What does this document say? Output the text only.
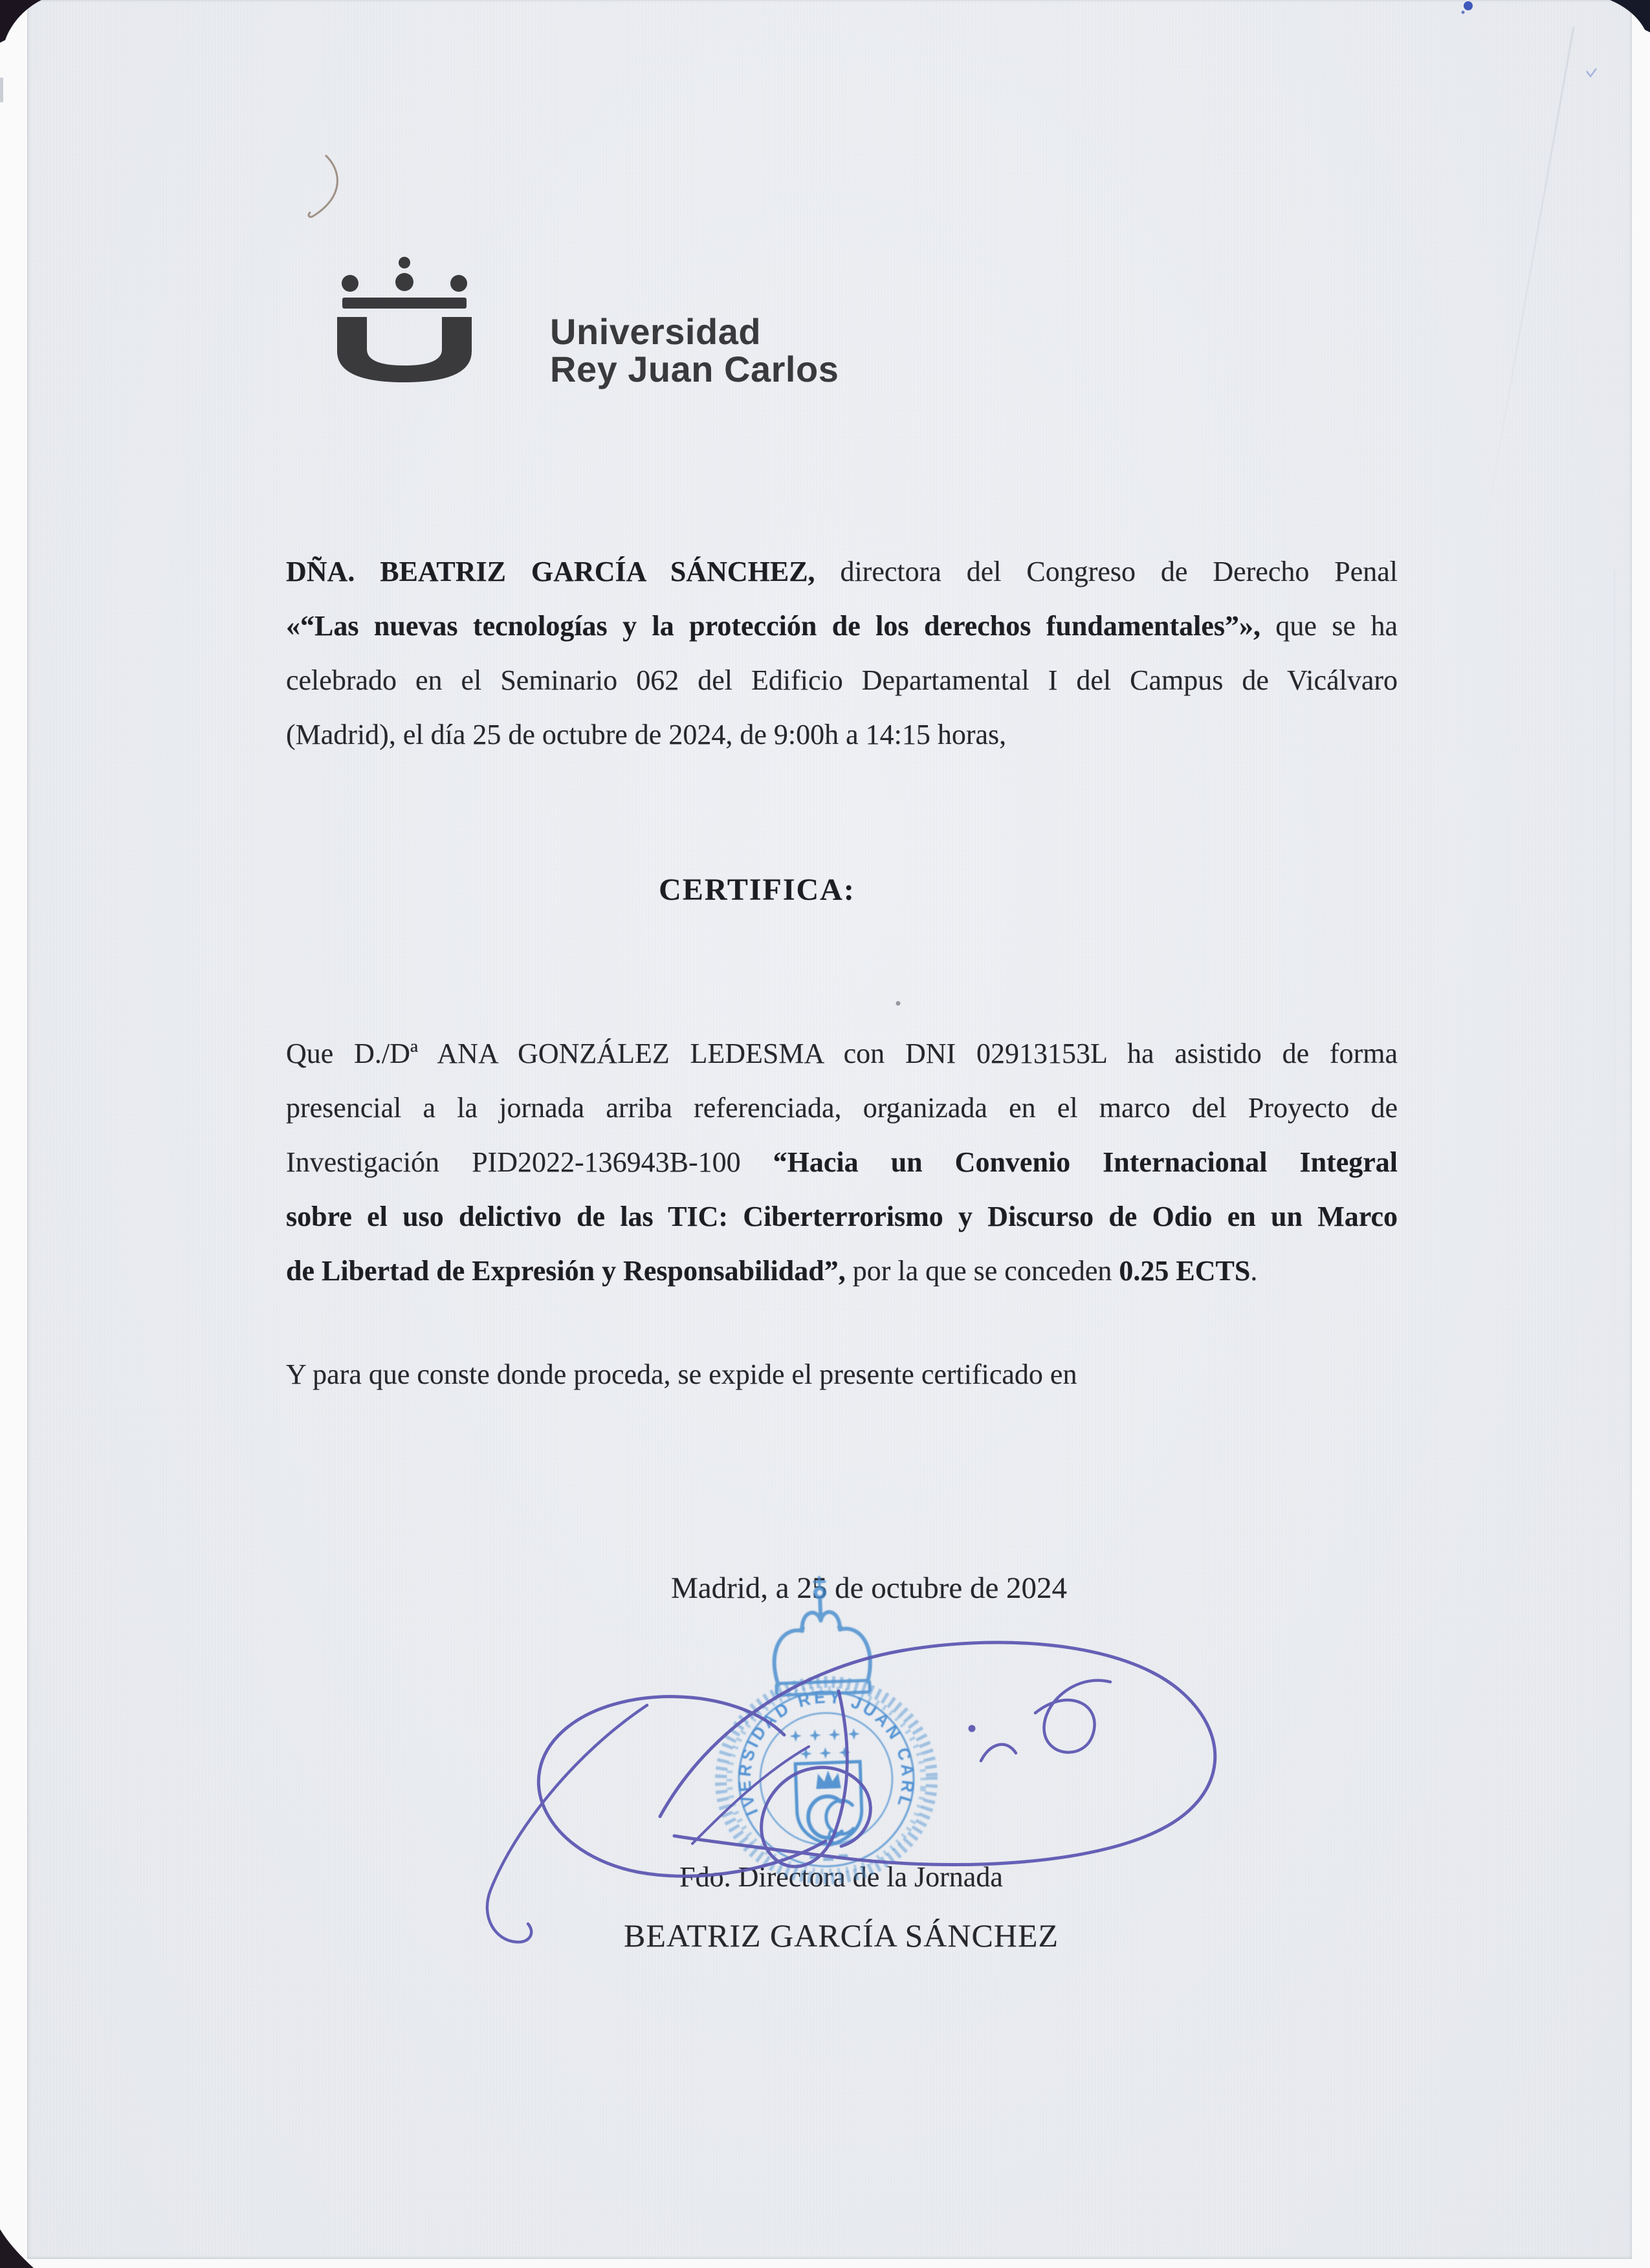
Universidad
Rey Juan Carlos
DÑA. BEATRIZ GARCÍA SÁNCHEZ, directora del Congreso de Derecho Penal
«“Las nuevas tecnologías y la protección de los derechos fundamentales”», que se ha
celebrado en el Seminario 062 del Edificio Departamental I del Campus de Vicálvaro
(Madrid), el día 25 de octubre de 2024, de 9:00h a 14:15 horas,
CERTIFICA:
Que D./Dª ANA GONZÁLEZ LEDESMA con DNI 02913153L ha asistido de forma
presencial a la jornada arriba referenciada, organizada en el marco del Proyecto de
Investigación PID2022-136943B-100 “Hacia un Convenio Internacional Integral
sobre el uso delictivo de las TIC: Ciberterrorismo y Discurso de Odio en un Marco
de Libertad de Expresión y Responsabilidad”, por la que se conceden 0.25 ECTS.
Y para que conste donde proceda, se expide el presente certificado en
Madrid, a 25 de octubre de 2024
Fdo. Directora de la Jornada
BEATRIZ GARCÍA SÁNCHEZ
UNIVERSIDAD REY JUAN CARLOS
